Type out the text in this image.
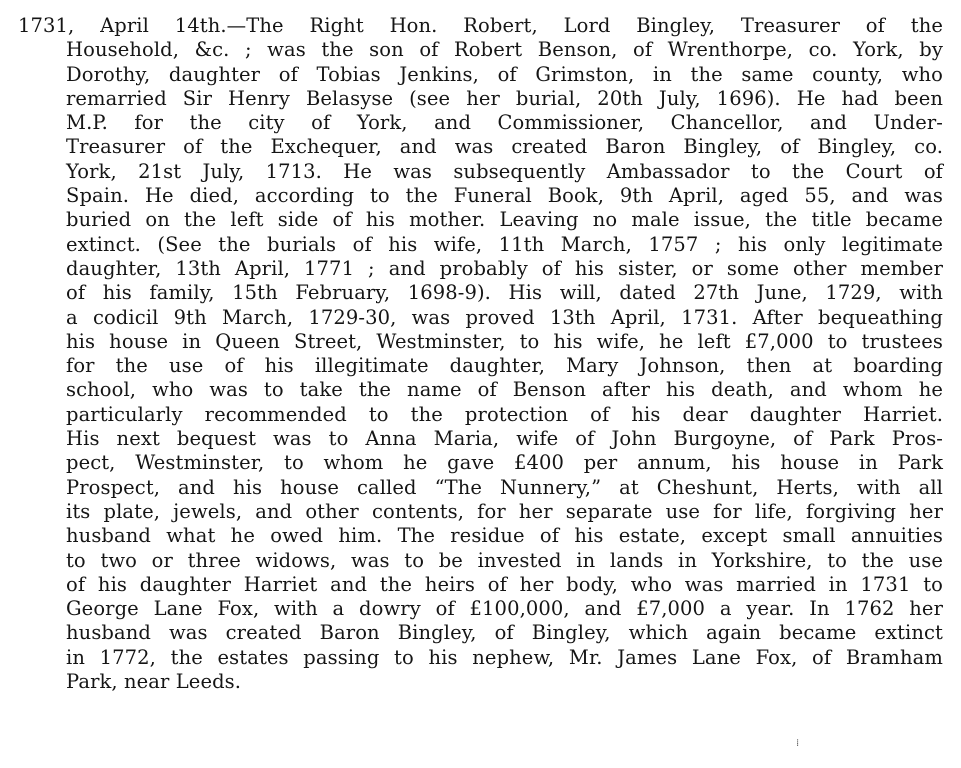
1731, April 14th.—The Right Hon. Robert, Lord Bingley, Treasurer of the
Household, &c. ; was the son of Robert Benson, of Wrenthorpe, co. York, by
Dorothy, daughter of Tobias Jenkins, of Grimston, in the same county, who
remarried Sir Henry Belasyse (see her burial, 20th July, 1696). He had been
M.P. for the city of York, and Commissioner, Chancellor, and Under-
Treasurer of the Exchequer, and was created Baron Bingley, of Bingley, co.
York, 21st July, 1713. He was subsequently Ambassador to the Court of
Spain. He died, according to the Funeral Book, 9th April, aged 55, and was
buried on the left side of his mother. Leaving no male issue, the title became
extinct. (See the burials of his wife, 11th March, 1757 ; his only legitimate
daughter, 13th April, 1771 ; and probably of his sister, or some other member
of his family, 15th February, 1698-9). His will, dated 27th June, 1729, with
a codicil 9th March, 1729-30, was proved 13th April, 1731. After bequeathing
his house in Queen Street, Westminster, to his wife, he left £7,000 to trustees
for the use of his illegitimate daughter, Mary Johnson, then at boarding
school, who was to take the name of Benson after his death, and whom he
particularly recommended to the protection of his dear daughter Harriet.
His next bequest was to Anna Maria, wife of John Burgoyne, of Park Pros-
pect, Westminster, to whom he gave £400 per annum, his house in Park
Prospect, and his house called “The Nunnery,” at Cheshunt, Herts, with all
its plate, jewels, and other contents, for her separate use for life, forgiving her
husband what he owed him. The residue of his estate, except small annuities
to two or three widows, was to be invested in lands in Yorkshire, to the use
of his daughter Harriet and the heirs of her body, who was married in 1731 to
George Lane Fox, with a dowry of £100,000, and £7,000 a year. In 1762 her
husband was created Baron Bingley, of Bingley, which again became extinct
in 1772, the estates passing to his nephew, Mr. James Lane Fox, of Bramham
Park, near Leeds.
⁞
